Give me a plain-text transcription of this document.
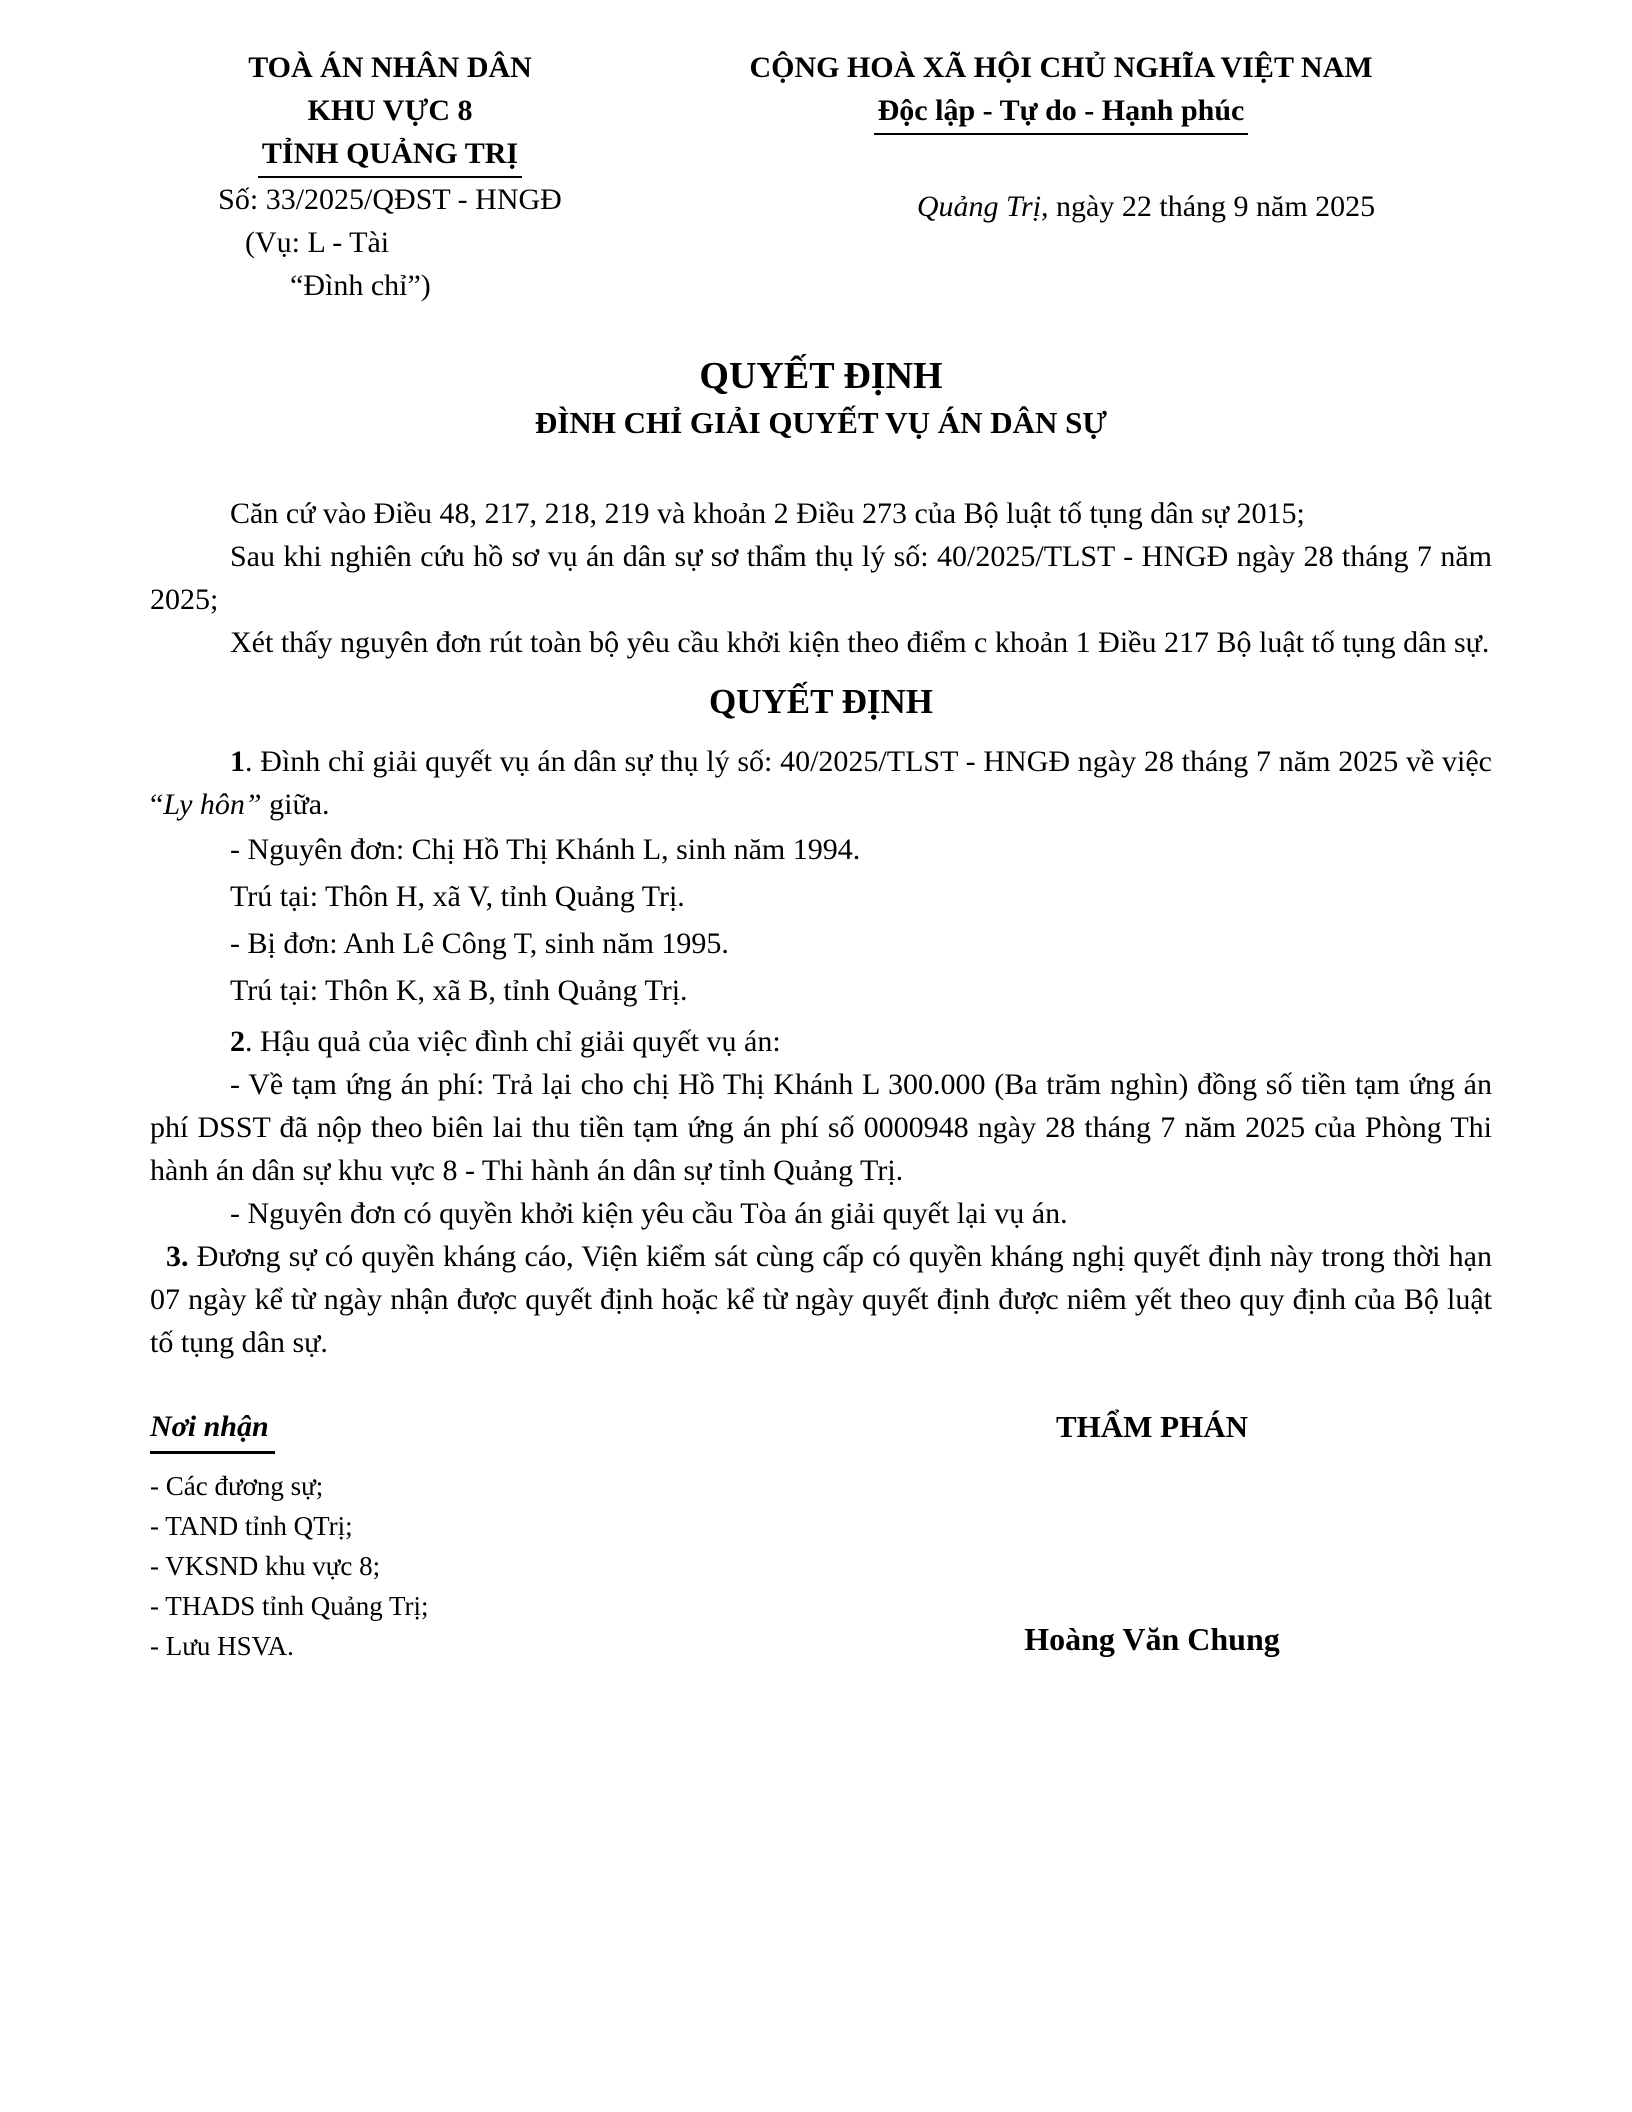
TOÀ ÁN NHÂN DÂN
KHU VỰC 8
TỈNH QUẢNG TRỊ
Số: 33/2025/QĐST - HNGĐ
(Vụ: L - Tài
“Đình chỉ”)
CỘNG HOÀ XÃ HỘI CHỦ NGHĨA VIỆT NAM
Độc lập - Tự do - Hạnh phúc
Quảng Trị, ngày 22 tháng 9 năm 2025
QUYẾT ĐỊNH
ĐÌNH CHỈ GIẢI QUYẾT VỤ ÁN DÂN SỰ

Căn cứ vào Điều 48, 217, 218, 219 và khoản 2 Điều 273 của Bộ luật tố tụng dân sự 2015;

Sau khi nghiên cứu hồ sơ vụ án dân sự sơ thẩm thụ lý số: 40/2025/TLST - HNGĐ ngày 28 tháng 7 năm 2025;

Xét thấy nguyên đơn rút toàn bộ yêu cầu khởi kiện theo điểm c khoản 1 Điều 217 Bộ luật tố tụng dân sự.

QUYẾT ĐỊNH

1. Đình chỉ giải quyết vụ án dân sự thụ lý số: 40/2025/TLST - HNGĐ ngày 28 tháng 7 năm 2025 về việc “Ly hôn” giữa.

- Nguyên đơn: Chị Hồ Thị Khánh L, sinh năm 1994.

Trú tại: Thôn H, xã V, tỉnh Quảng Trị.

- Bị đơn: Anh Lê Công T, sinh năm 1995.

Trú tại: Thôn K, xã B, tỉnh Quảng Trị.

2. Hậu quả của việc đình chỉ giải quyết vụ án:

- Về tạm ứng án phí: Trả lại cho chị Hồ Thị Khánh L 300.000 (Ba trăm nghìn) đồng số tiền tạm ứng án phí DSST đã nộp theo biên lai thu tiền tạm ứng án phí số 0000948 ngày 28 tháng 7 năm 2025 của Phòng Thi hành án dân sự khu vực 8 - Thi hành án dân sự tỉnh Quảng Trị.

- Nguyên đơn có quyền khởi kiện yêu cầu Tòa án giải quyết lại vụ án.

3. Đương sự có quyền kháng cáo, Viện kiểm sát cùng cấp có quyền kháng nghị quyết định này trong thời hạn 07 ngày kể từ ngày nhận được quyết định hoặc kể từ ngày quyết định được niêm yết theo quy định của Bộ luật tố tụng dân sự.

Nơi nhận
- Các đương sự;
- TAND tỉnh QTrị;
- VKSND khu vực 8;
- THADS tỉnh Quảng Trị;
- Lưu HSVA.
THẨM PHÁN
Hoàng Văn Chung
